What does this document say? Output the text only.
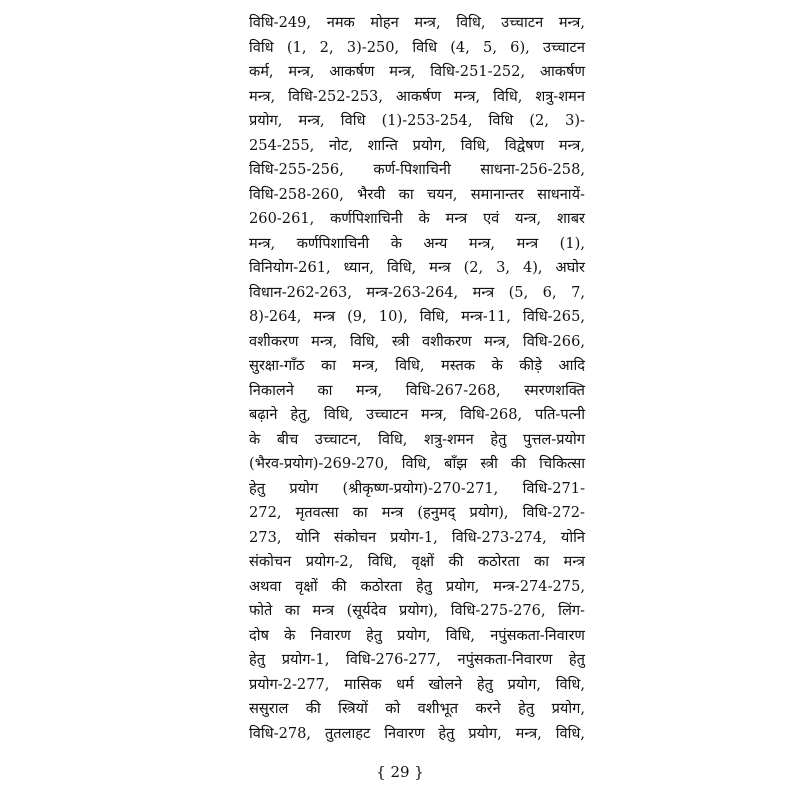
विधि-249, नमक मोहन मन्त्र, विधि, उच्चाटन मन्त्र,
विधि (1, 2, 3)-250, विधि (4, 5, 6), उच्चाटन
कर्म, मन्त्र, आकर्षण मन्त्र, विधि-251-252, आकर्षण
मन्त्र, विधि-252-253, आकर्षण मन्त्र, विधि, शत्रु-शमन
प्रयोग, मन्त्र, विधि (1)-253-254, विधि (2, 3)-
254-255, नोट, शान्ति प्रयोग, विधि, विद्वेषण मन्त्र,
विधि-255-256, कर्ण-पिशाचिनी साधना-256-258,
विधि-258-260, भैरवी का चयन, समानान्तर साधनायें-
260-261, कर्णपिशाचिनी के मन्त्र एवं यन्त्र, शाबर
मन्त्र, कर्णपिशाचिनी के अन्य मन्त्र, मन्त्र (1),
विनियोग-261, ध्यान, विधि, मन्त्र (2, 3, 4), अघोर
विधान-262-263, मन्त्र-263-264, मन्त्र (5, 6, 7,
8)-264, मन्त्र (9, 10), विधि, मन्त्र-11, विधि-265,
वशीकरण मन्त्र, विधि, स्त्री वशीकरण मन्त्र, विधि-266,
सुरक्षा-गाँठ का मन्त्र, विधि, मस्तक के कीड़े आदि
निकालने का मन्त्र, विधि-267-268, स्मरणशक्ति
बढ़ाने हेतु, विधि, उच्चाटन मन्त्र, विधि-268, पति-पत्नी
के बीच उच्चाटन, विधि, शत्रु-शमन हेतु पुत्तल-प्रयोग
(भैरव-प्रयोग)-269-270, विधि, बाँझ स्त्री की चिकित्सा
हेतु प्रयोग (श्रीकृष्ण-प्रयोग)-270-271, विधि-271-
272, मृतवत्सा का मन्त्र (हनुमद् प्रयोग), विधि-272-
273, योनि संकोचन प्रयोग-1, विधि-273-274, योनि
संकोचन प्रयोग-2, विधि, वृक्षों की कठोरता का मन्त्र
अथवा वृक्षों की कठोरता हेतु प्रयोग, मन्त्र-274-275,
फोते का मन्त्र (सूर्यदेव प्रयोग), विधि-275-276, लिंग-
दोष के निवारण हेतु प्रयोग, विधि, नपुंसकता-निवारण
हेतु प्रयोग-1, विधि-276-277, नपुंसकता-निवारण हेतु
प्रयोग-2-277, मासिक धर्म खोलने हेतु प्रयोग, विधि,
ससुराल की स्त्रियों को वशीभूत करने हेतु प्रयोग,
विधि-278, तुतलाहट निवारण हेतु प्रयोग, मन्त्र, विधि,
{ 29 }
